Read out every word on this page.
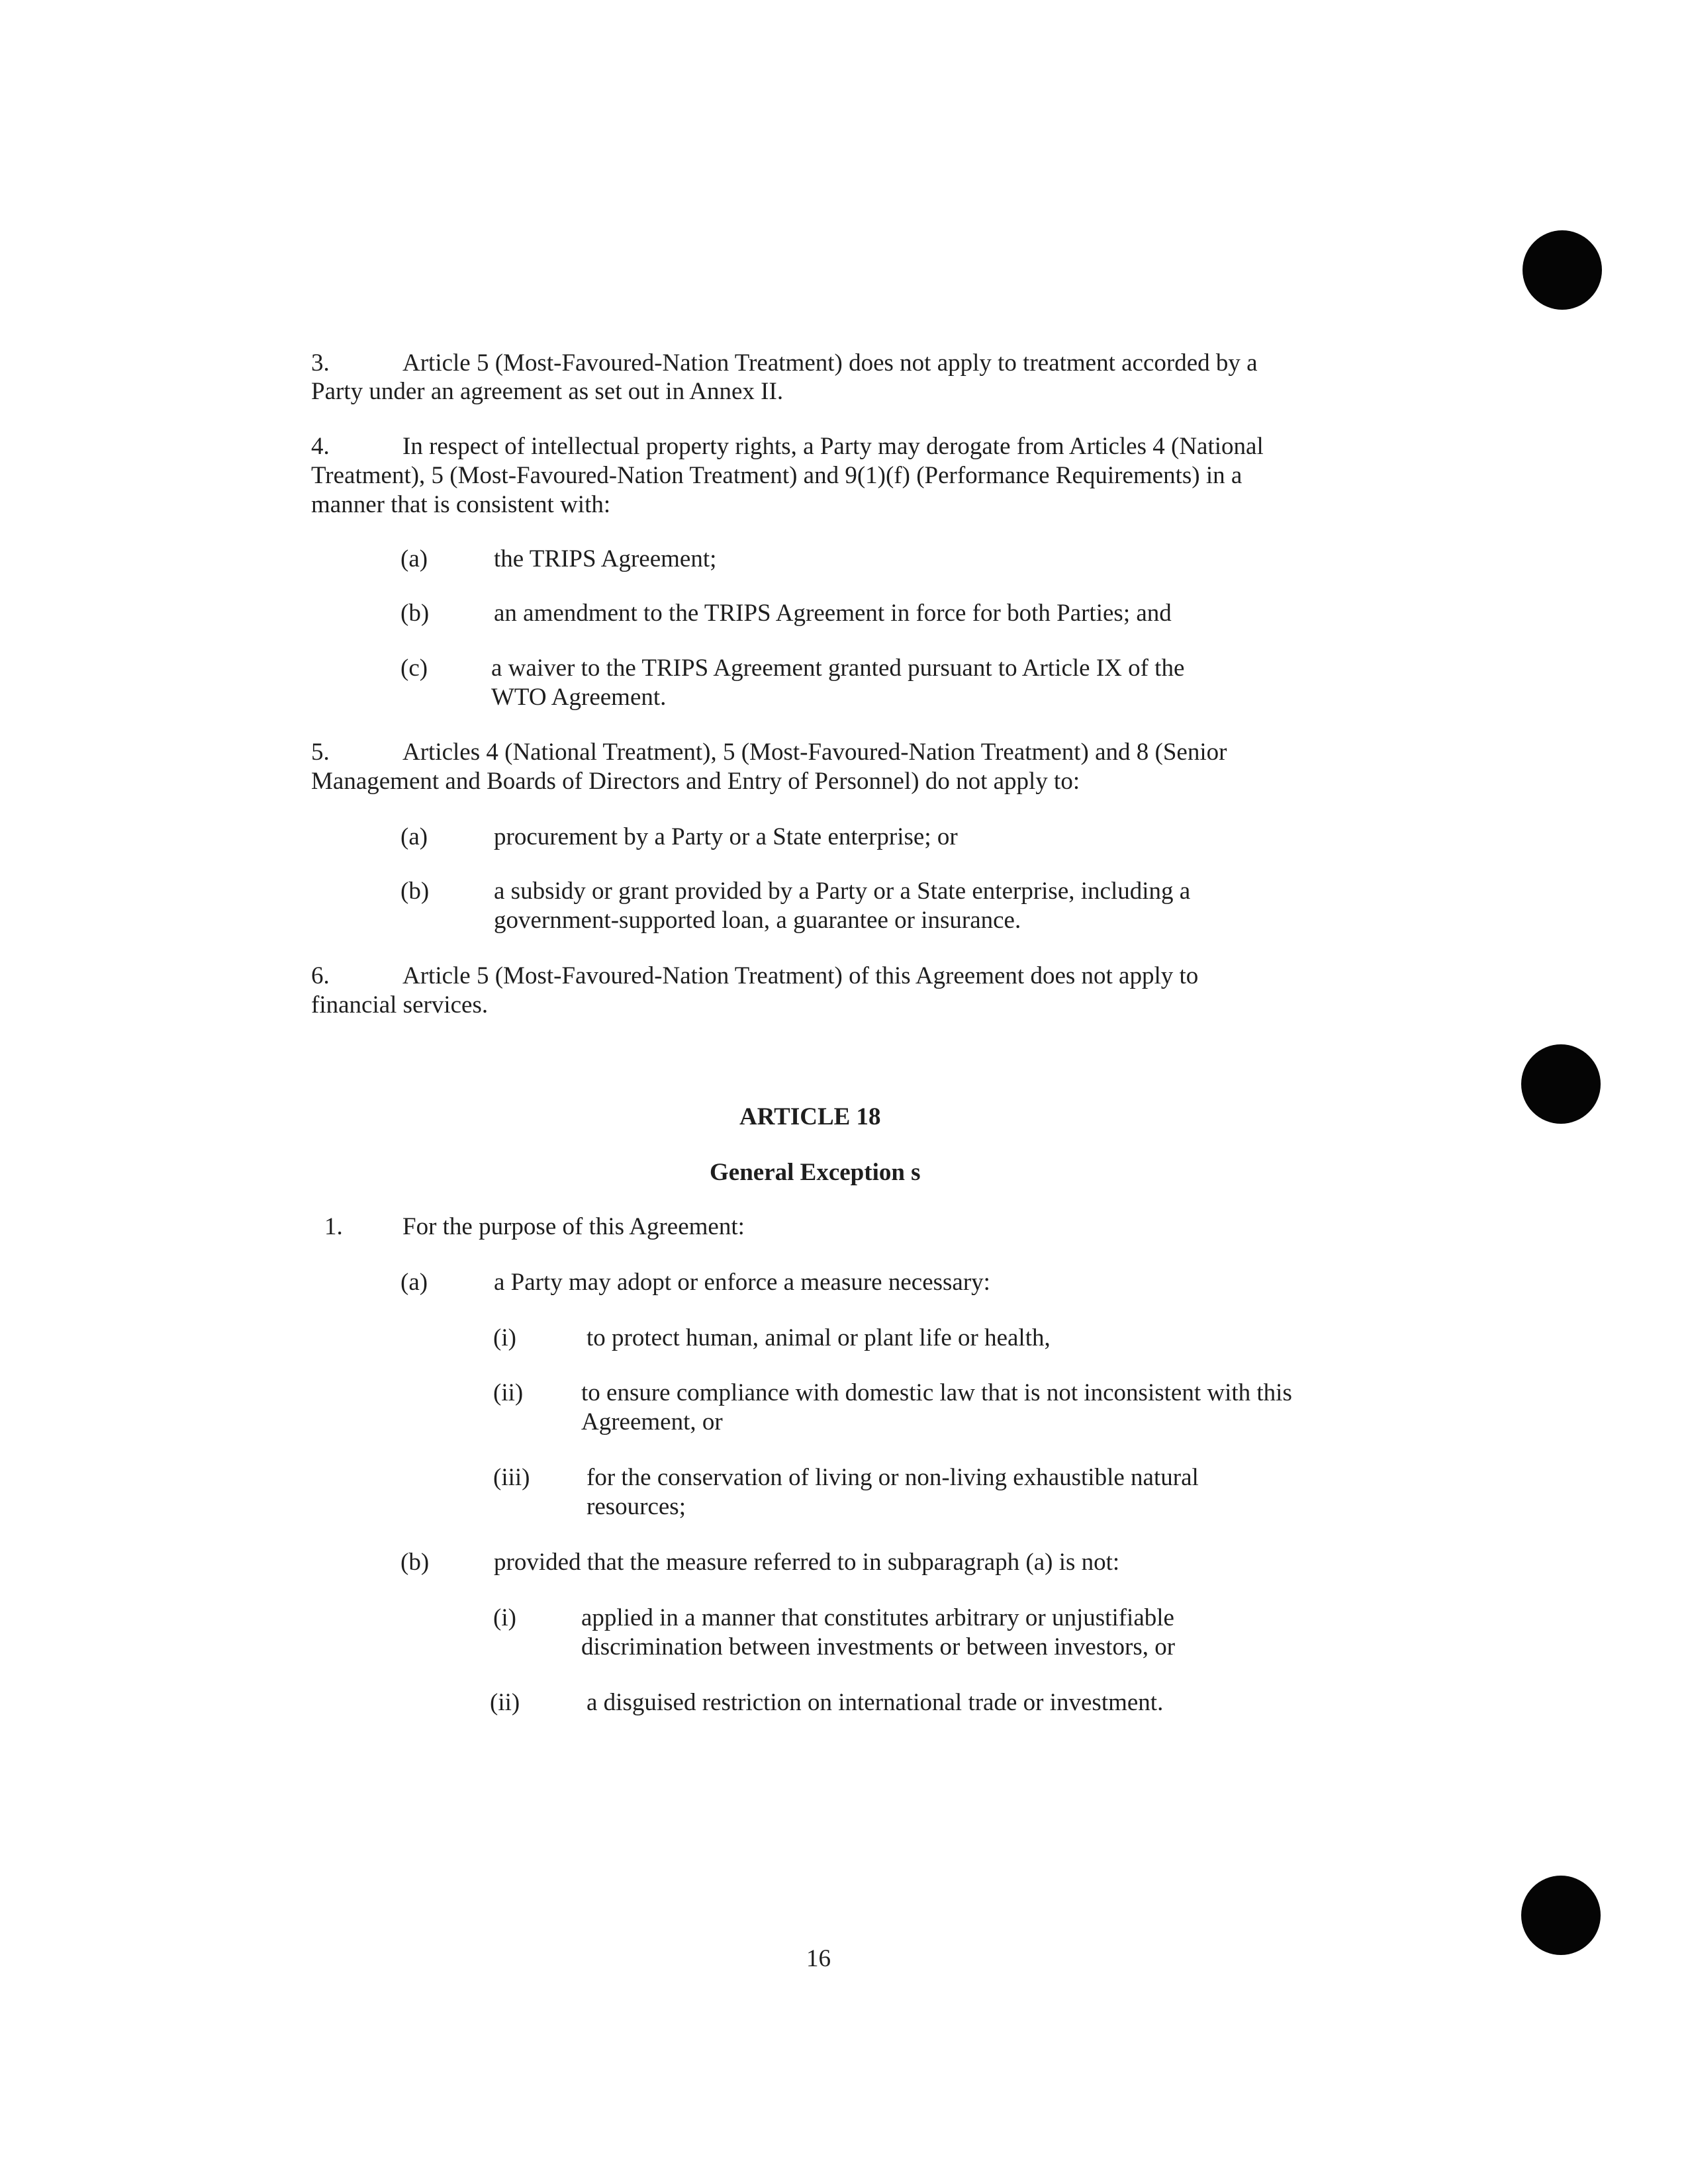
3.	Article 5 (Most-Favoured-Nation Treatment) does not apply to treatment accorded by a

Party under an agreement as set out in Annex II.

4.	In respect of intellectual property rights, a Party may derogate from Articles 4 (National

Treatment), 5 (Most-Favoured-Nation Treatment) and 9(1)(f) (Performance Requirements) in a

manner that is consistent with:

(a)	the TRIPS Agreement;

(b)	an amendment to the TRIPS Agreement in force for both Parties; and

(c)	a waiver to the TRIPS Agreement granted pursuant to Article IX of the

WTO Agreement.

5.	Articles 4 (National Treatment), 5 (Most-Favoured-Nation Treatment) and 8 (Senior

Management and Boards of Directors and Entry of Personnel) do not apply to:

(a)	procurement by a Party or a State enterprise; or

(b)	a subsidy or grant provided by a Party or a State enterprise, including a

government-supported loan, a guarantee or insurance.

6.	Article 5 (Most-Favoured-Nation Treatment) of this Agreement does not apply to

financial services.

ARTICLE 18

General Exception s

1. For the purpose of this Agreement:

(a)	a Party may adopt or enforce a measure necessary:

(i)	to protect human, animal or plant life or health,

(ii) to ensure compliance with domestic law that is not inconsistent with this

Agreement, or

(iii) for the conservation of living or non-living exhaustible natural

resources;

(b)	provided that the measure referred to in subparagraph (a) is not:

(i)	applied in a manner that constitutes arbitrary or unjustifiable

discrimination between investments or between investors, or

(ii)	a disguised restriction on international trade or investment.

16
